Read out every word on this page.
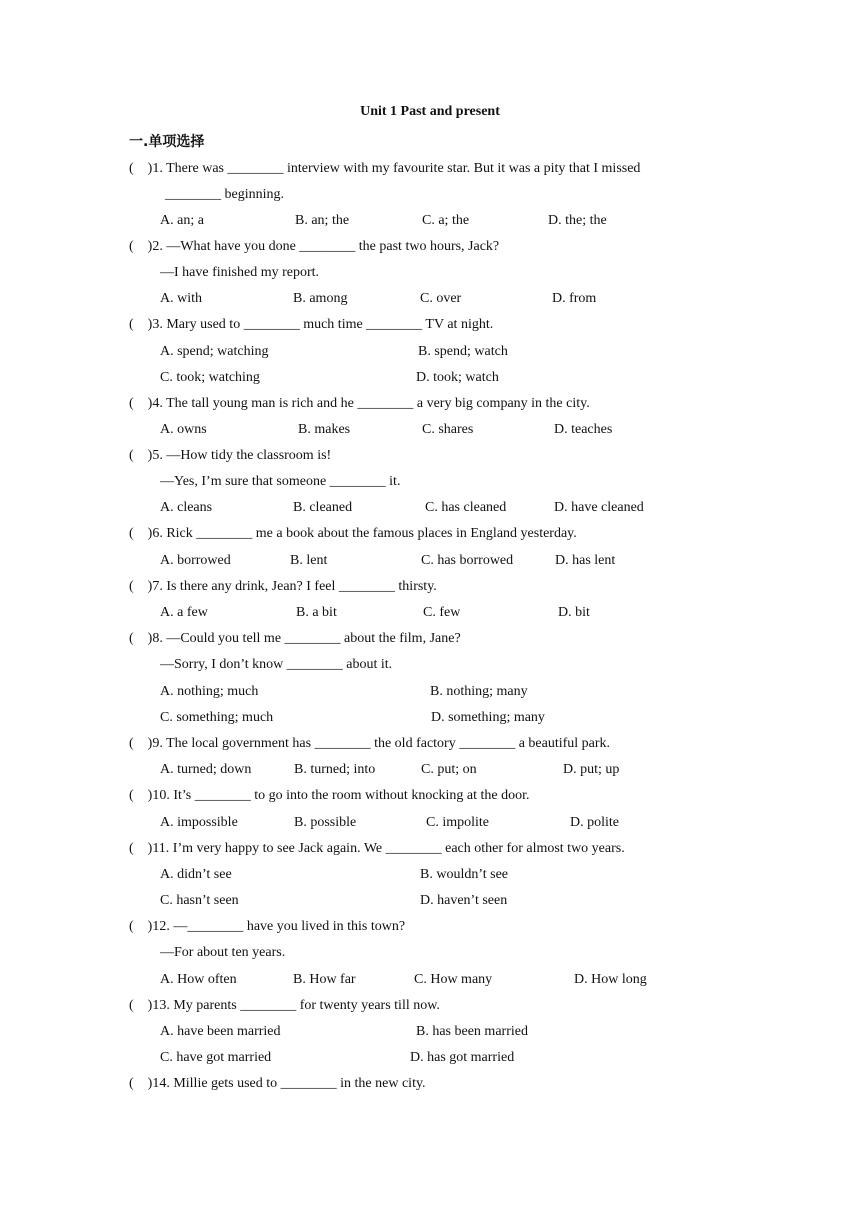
Unit 1 Past and present
一.单项选择
(    )1. There was ________ interview with my favourite star. But it was a pity that I missed
________ beginning.
A. an; a	B. an; the	C. a; the	D. the; the
(    )2. —What have you done ________ the past two hours, Jack?
—I have finished my report.
A. with	B. among	C. over	D. from
(    )3. Mary used to ________ much time ________ TV at night.
A. spend; watching	B. spend; watch
C. took; watching	D. took; watch
(    )4. The tall young man is rich and he ________ a very big company in the city.
A. owns	B. makes	C. shares	D. teaches
(    )5. —How tidy the classroom is!
—Yes, I’m sure that someone ________ it.
A. cleans	B. cleaned	C. has cleaned	D. have cleaned
(    )6. Rick ________ me a book about the famous places in England yesterday.
A. borrowed	B. lent	C. has borrowed	D. has lent
(    )7. Is there any drink, Jean? I feel ________ thirsty.
A. a few	B. a bit	C. few	D. bit
(    )8. —Could you tell me ________ about the film, Jane?
—Sorry, I don’t know ________ about it.
A. nothing; much	B. nothing; many
C. something; much	D. something; many
(    )9. The local government has ________ the old factory ________ a beautiful park.
A. turned; down	B. turned; into	C. put; on	D. put; up
(    )10. It’s ________ to go into the room without knocking at the door.
A. impossible	B. possible	C. impolite	D. polite
(    )11. I’m very happy to see Jack again. We ________ each other for almost two years.
A. didn’t see	B. wouldn’t see
C. hasn’t seen	D. haven’t seen
(    )12. —________ have you lived in this town?
—For about ten years.
A. How often	B. How far	C. How many	D. How long
(    )13. My parents ________ for twenty years till now.
A. have been married	B. has been married
C. have got married	D. has got married
(    )14. Millie gets used to ________ in the new city.
